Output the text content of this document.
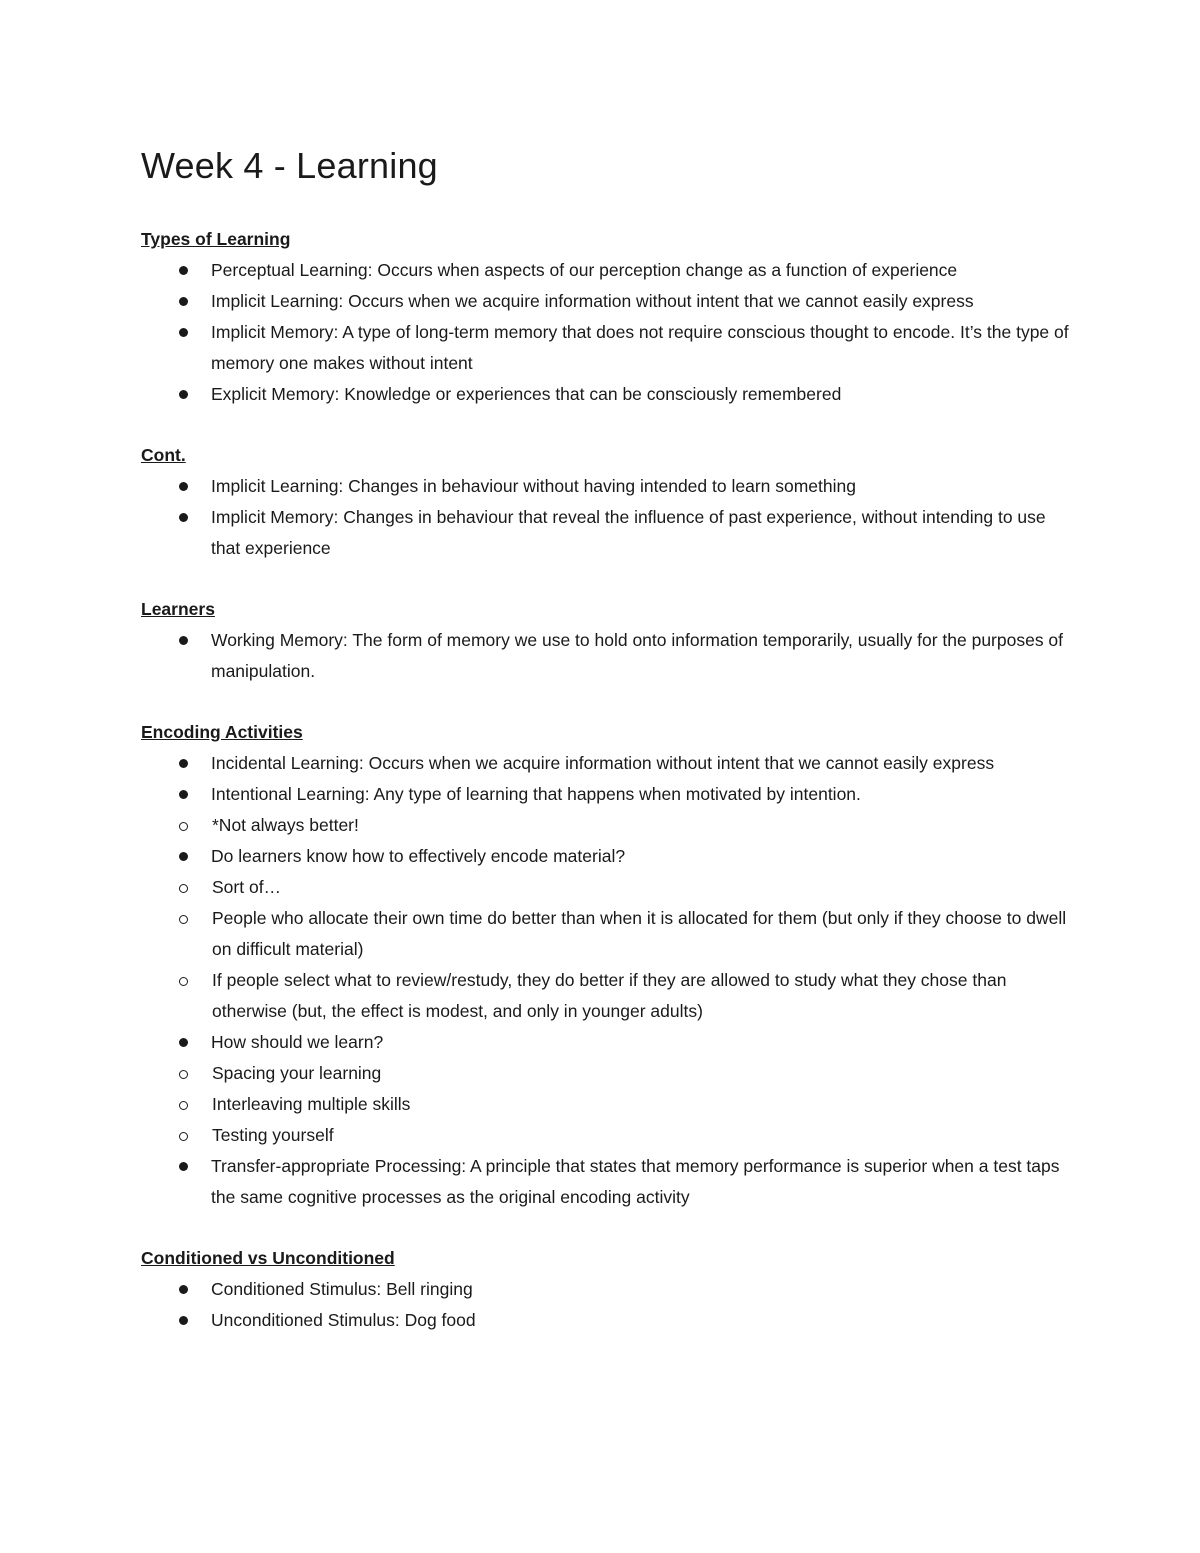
Week 4 - Learning
Types of Learning
Perceptual Learning: Occurs when aspects of our perception change as a function of experience
Implicit Learning: Occurs when we acquire information without intent that we cannot easily express
Implicit Memory: A type of long-term memory that does not require conscious thought to encode. It’s the type of memory one makes without intent
Explicit Memory: Knowledge or experiences that can be consciously remembered
Cont.
Implicit Learning: Changes in behaviour without having intended to learn something
Implicit Memory: Changes in behaviour that reveal the influence of past experience, without intending to use that experience
Learners
Working Memory: The form of memory we use to hold onto information temporarily, usually for the purposes of manipulation.
Encoding Activities
Incidental Learning: Occurs when we acquire information without intent that we cannot easily express
Intentional Learning: Any type of learning that happens when motivated by intention.
*Not always better!
Do learners know how to effectively encode material?
Sort of…
People who allocate their own time do better than when it is allocated for them (but only if they choose to dwell on difficult material)
If people select what to review/restudy, they do better if they are allowed to study what they chose than otherwise (but, the effect is modest, and only in younger adults)
How should we learn?
Spacing your learning
Interleaving multiple skills
Testing yourself
Transfer-appropriate Processing: A principle that states that memory performance is superior when a test taps the same cognitive processes as the original encoding activity
Conditioned vs Unconditioned
Conditioned Stimulus: Bell ringing
Unconditioned Stimulus: Dog food
